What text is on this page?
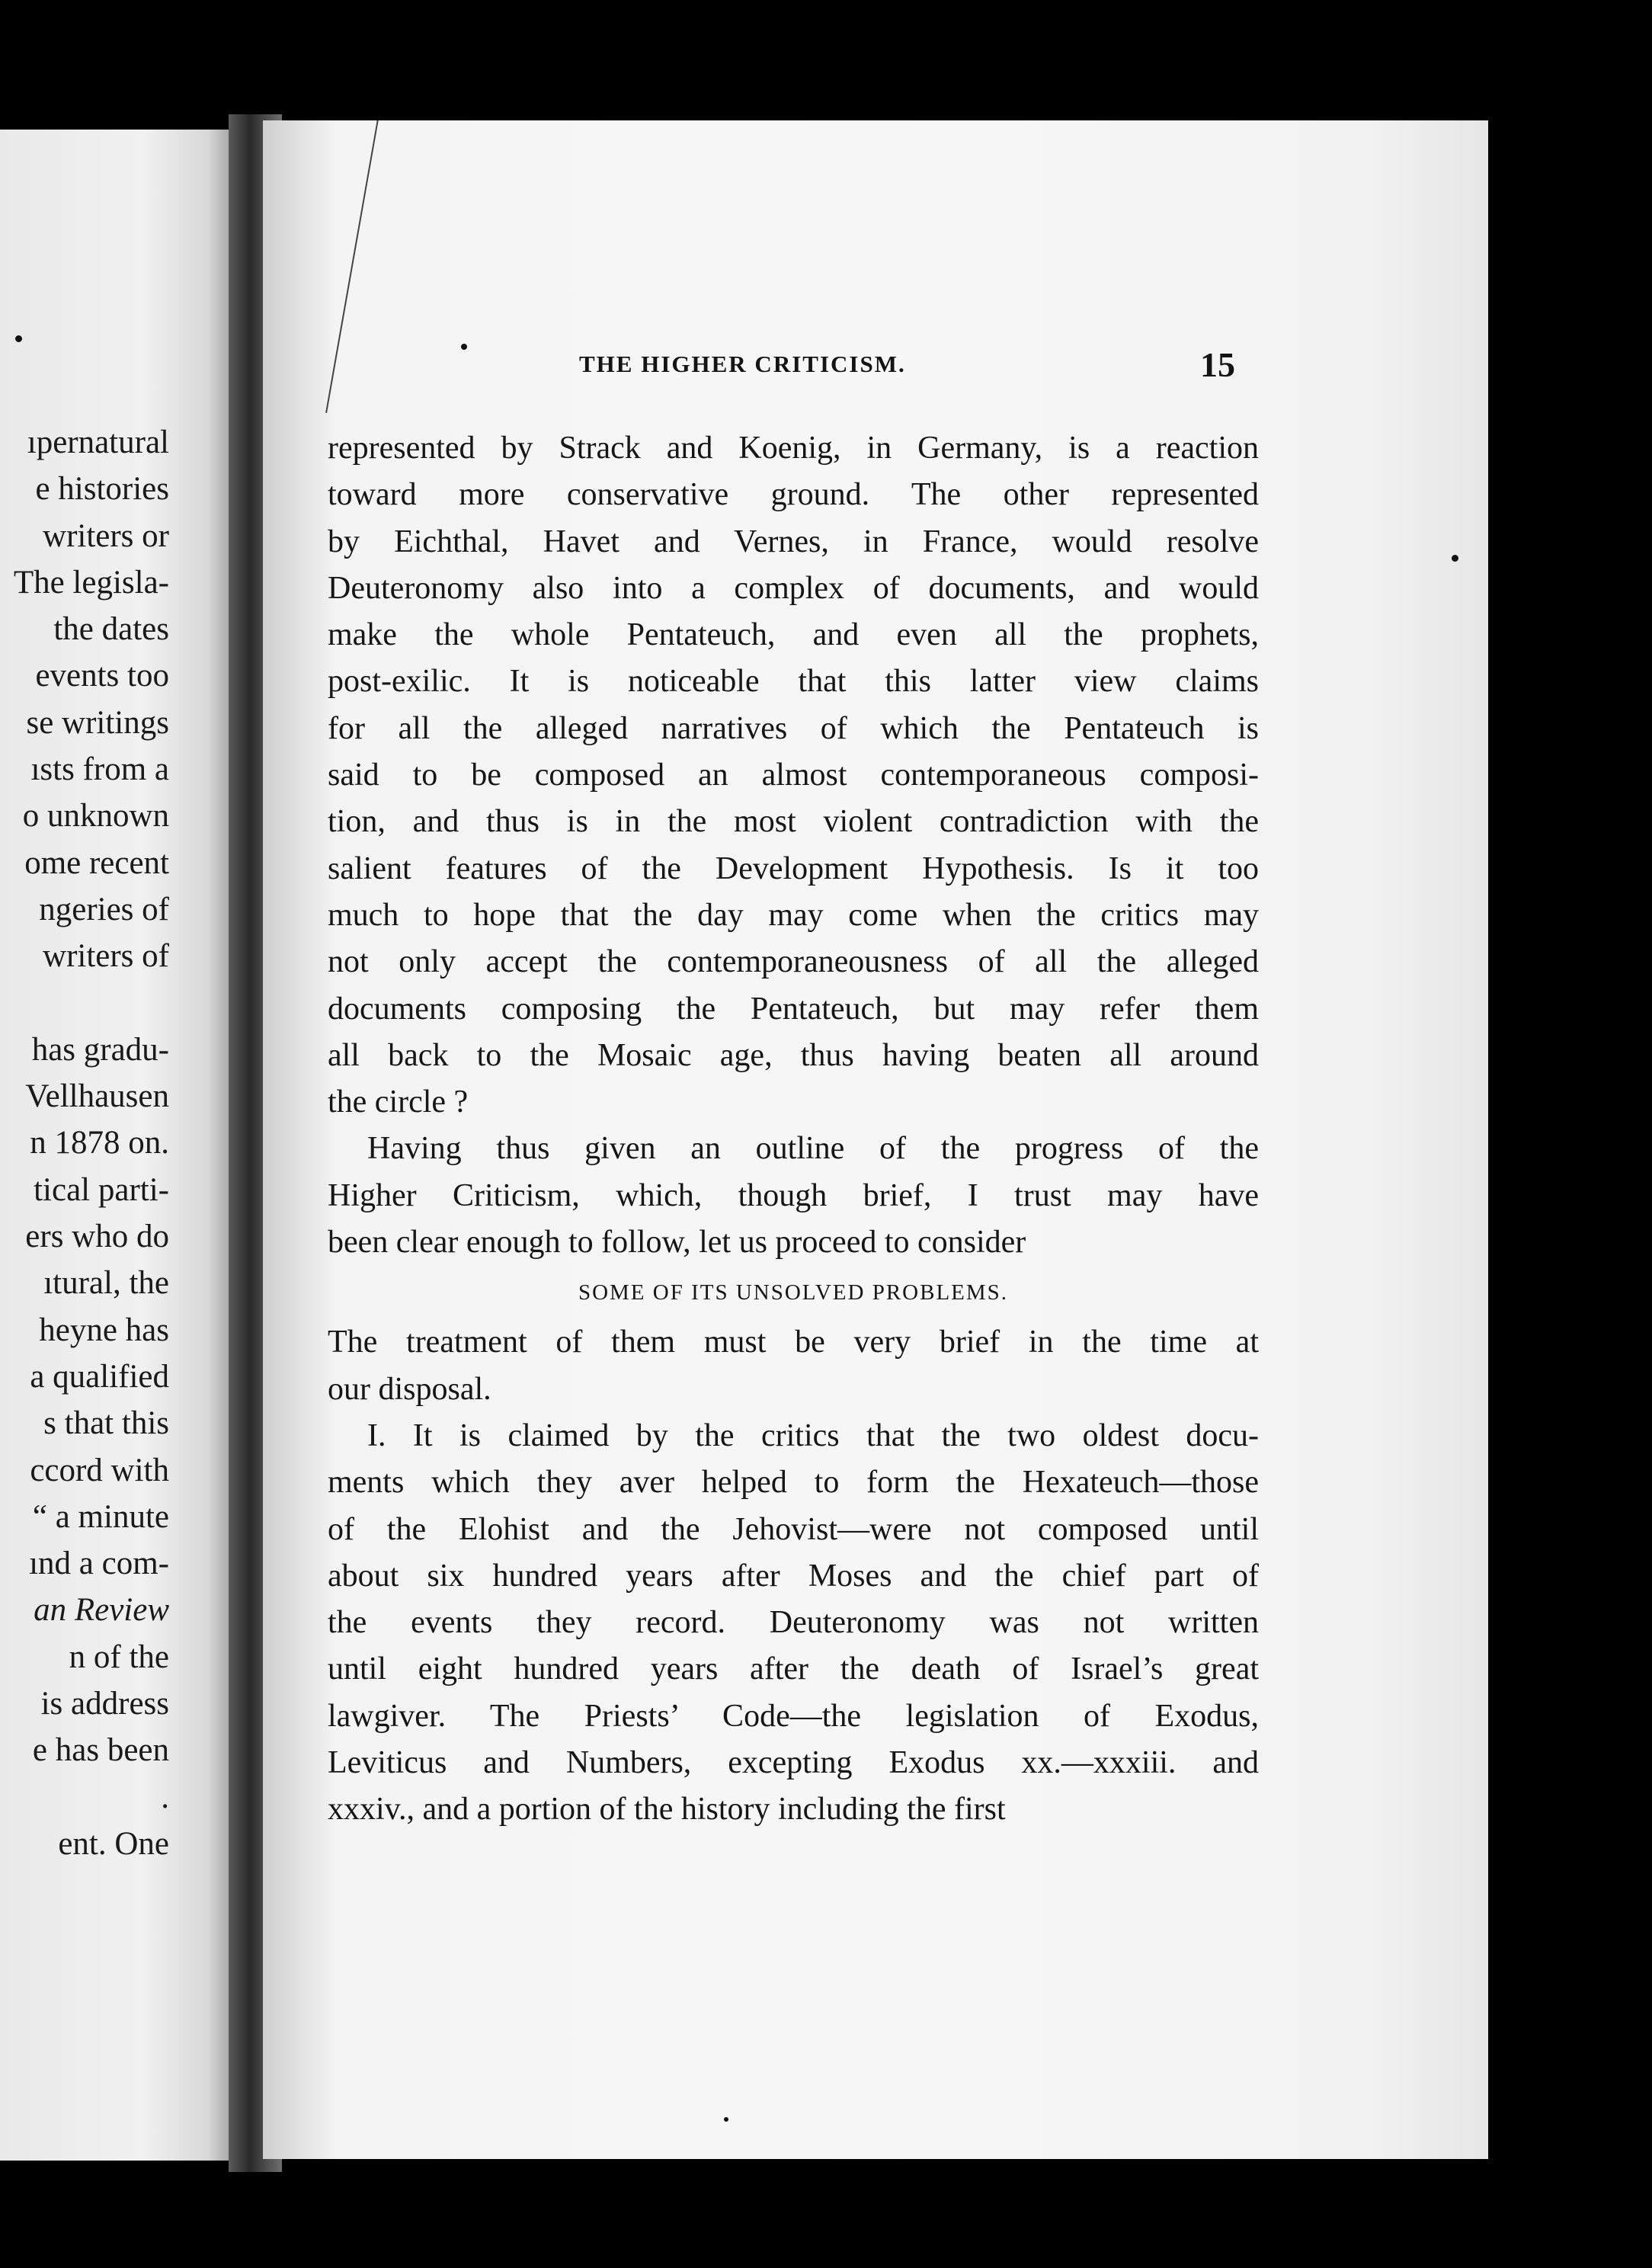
ıpernatural
e histories
writers or
The legisla-
the dates
events too
se writings
ısts from a
o unknown
ome recent
ngeries of
writers of
has gradu-
Vellhausen
n 1878 on.
tical parti-
ers who do
ıtural, the
heyne has
a qualified
s that this
ccord with
“ a minute
ınd a com-
an Review
n of the
is address
e has been
.
ent. One
THE HIGHER CRITICISM.	15
represented by Strack and Koenig, in Germany, is a reaction
toward more conservative ground. The other represented
by Eichthal, Havet and Vernes, in France, would resolve
Deuteronomy also into a complex of documents, and would
make the whole Pentateuch, and even all the prophets,
post-exilic. It is noticeable that this latter view claims
for all the alleged narratives of which the Pentateuch is
said to be composed an almost contemporaneous composi-
tion, and thus is in the most violent contradiction with the
salient features of the Development Hypothesis. Is it too
much to hope that the day may come when the critics may
not only accept the contemporaneousness of all the alleged
documents composing the Pentateuch, but may refer them
all back to the Mosaic age, thus having beaten all around
the circle ?
Having thus given an outline of the progress of the
Higher Criticism, which, though brief, I trust may have
been clear enough to follow, let us proceed to consider
SOME OF ITS UNSOLVED PROBLEMS.
The treatment of them must be very brief in the time at
our disposal.
I. It is claimed by the critics that the two oldest docu-
ments which they aver helped to form the Hexateuch—those
of the Elohist and the Jehovist—were not composed until
about six hundred years after Moses and the chief part of
the events they record. Deuteronomy was not written
until eight hundred years after the death of Israel’s great
lawgiver. The Priests’ Code—the legislation of Exodus,
Leviticus and Numbers, excepting Exodus xx.—xxxiii. and
xxxiv., and a portion of the history including the first
